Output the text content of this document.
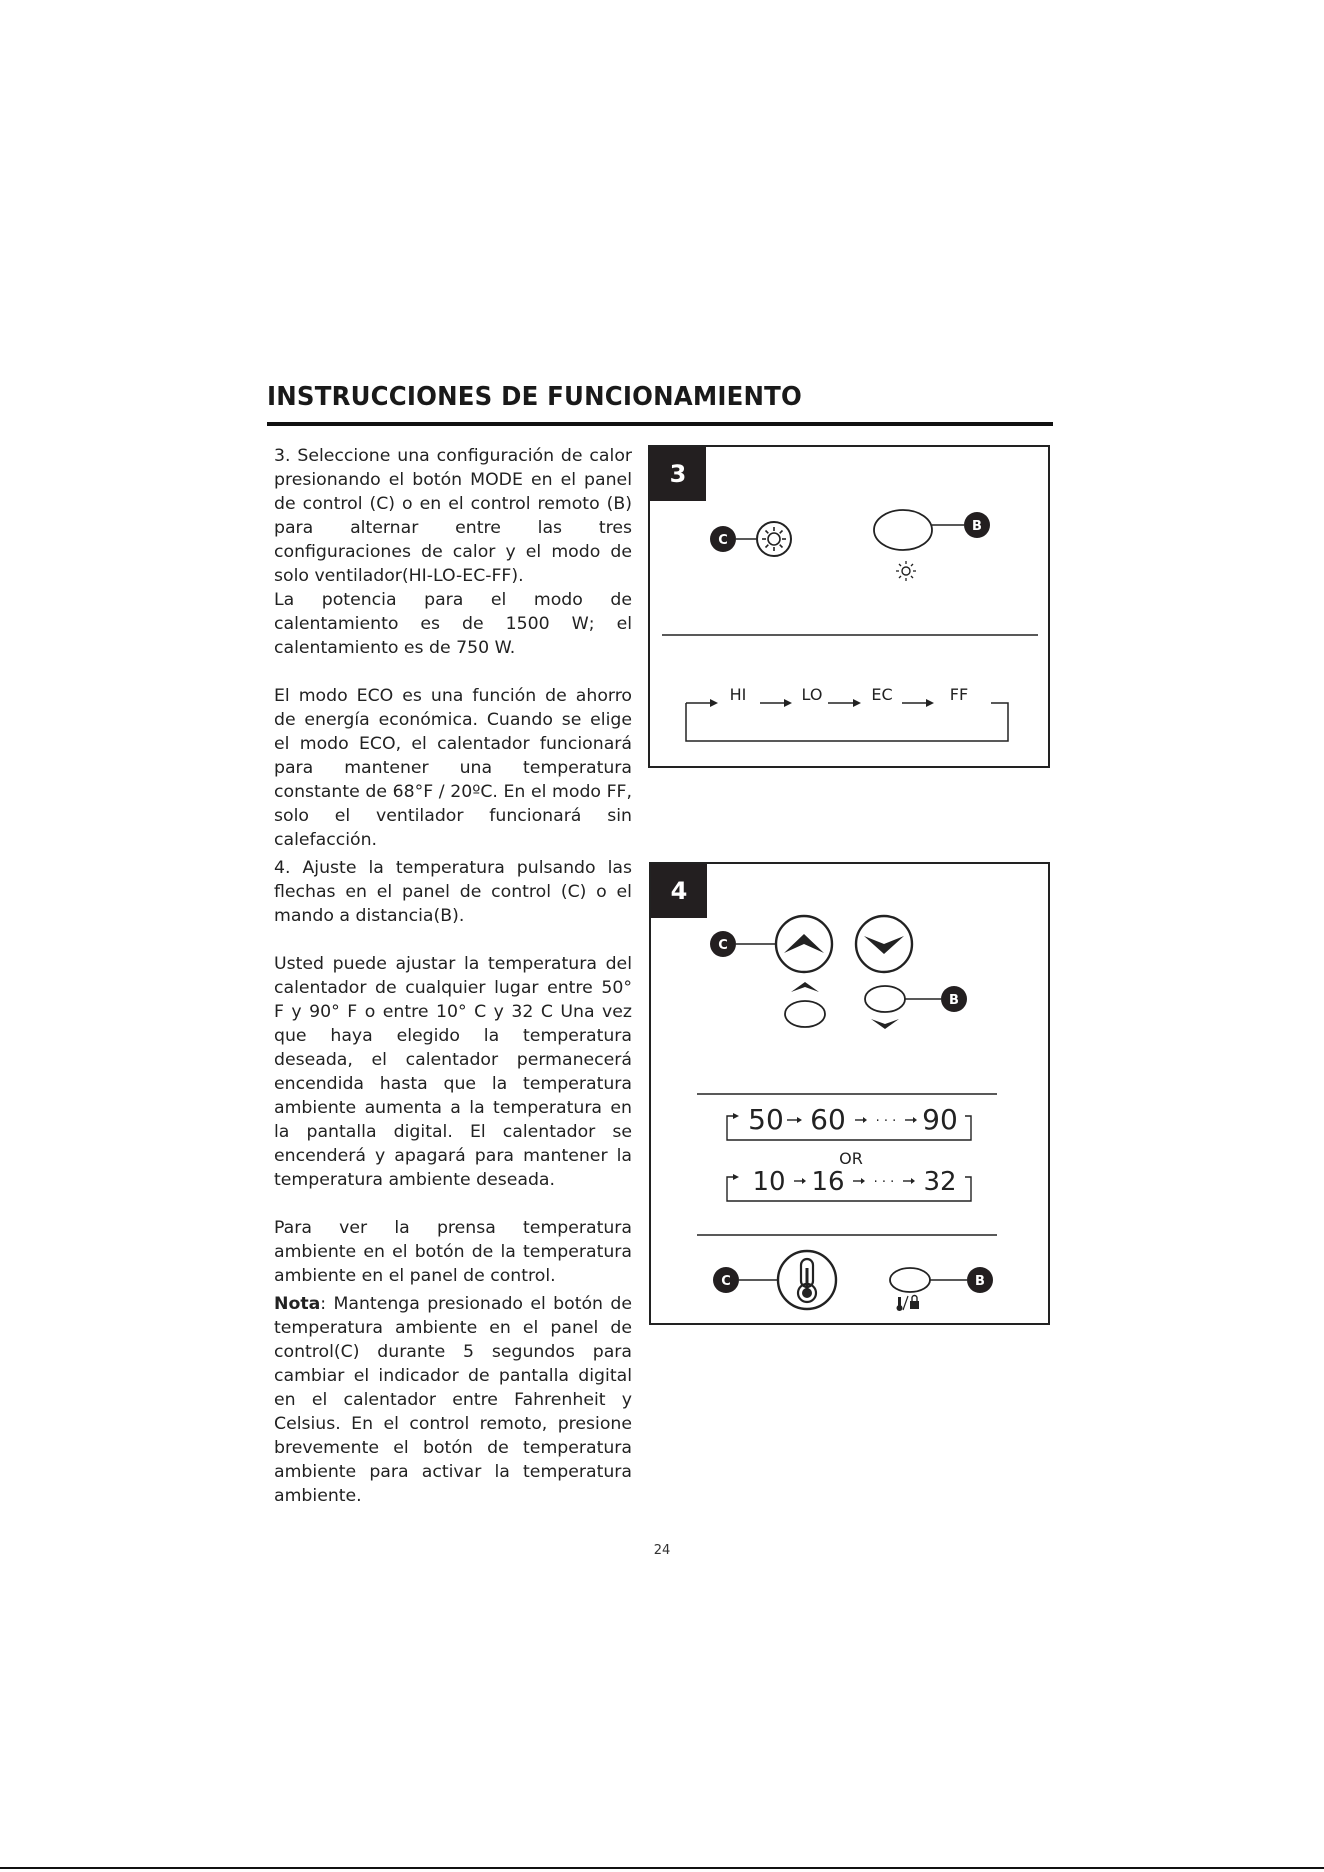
INSTRUCCIONES DE FUNCIONAMIENTO

3. Seleccione una configuración de calor presionando el botón MODE en el panel de control (C) o en el control remoto (B) para alternar entre las tres configuraciones de calor y el modo de solo ventilador(HI-LO-EC-FF).

La potencia para el modo de calentamiento es de 1500 W; el calentamiento es de 750 W.

El modo ECO es una función de ahorro de energía económica. Cuando se elige el modo ECO, el calentador funcionará para mantener una temperatura constante de 68°F / 20ºC. En el modo FF, solo el ventilador funcionará sin calefacción.

4. Ajuste la temperatura pulsando las flechas en el panel de control (C) o el mando a distancia(B).

Usted puede ajustar la temperatura del calentador de cualquier lugar entre 50° F y 90° F o entre 10° C y 32 C Una vez que haya elegido la temperatura deseada, el calentador permanecerá encendida hasta que la temperatura ambiente aumenta a la temperatura en la pantalla digital. El calentador se encenderá y apagará para mantener la temperatura ambiente deseada.

Para ver la prensa temperatura ambiente en el botón de la temperatura ambiente en el panel de control.

Nota: Mantenga presionado el botón de temperatura ambiente en el panel de control(C) durante 5 segundos para cambiar el indicador de pantalla digital en el calentador entre Fahrenheit y Celsius. En el control remoto, presione brevemente el botón de temperatura ambiente para activar la temperatura ambiente.

C
B
HI	LO	EC	FF
3
C
B
50 60 · · · 90
OR
10 16 · · · 32
C	B
4
24
